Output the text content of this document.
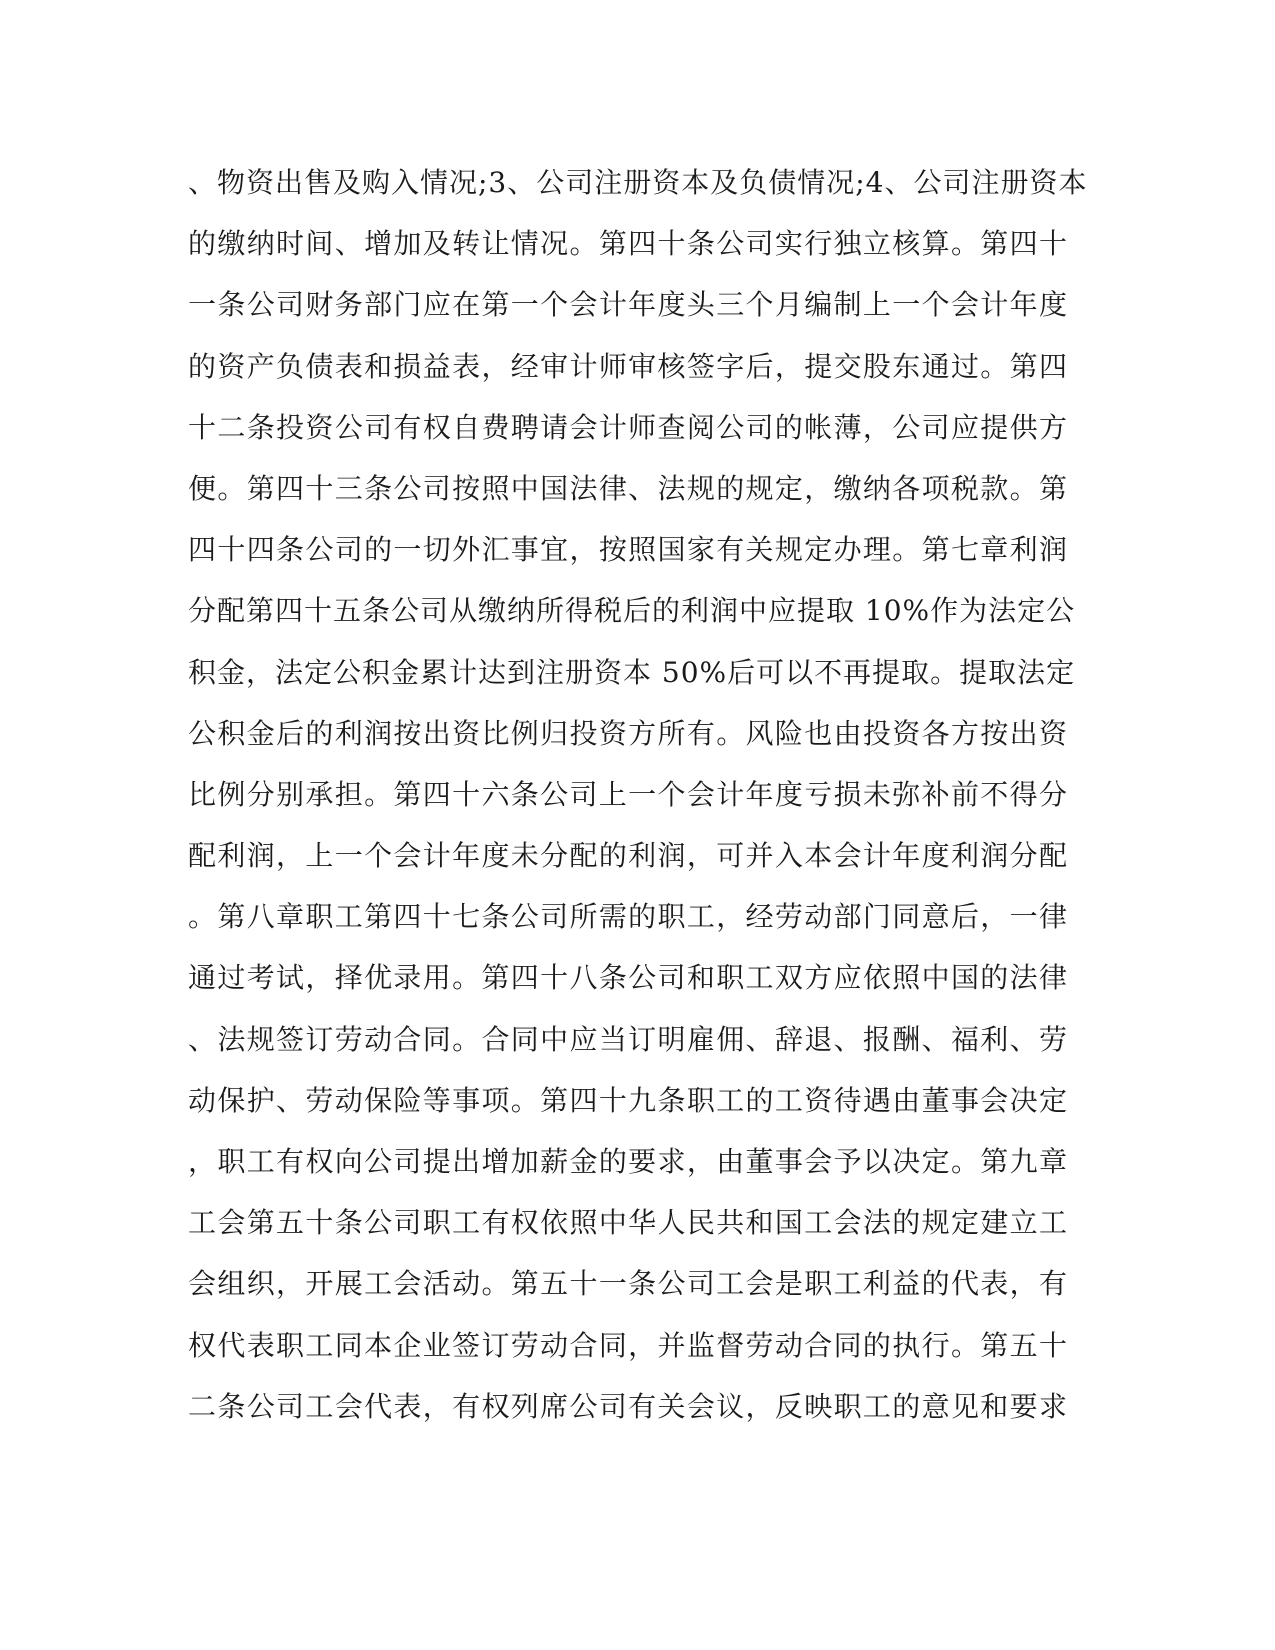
、物资出售及购入情况;3、公司注册资本及负债情况;4、公司注册资本
的缴纳时间、增加及转让情况。第四十条公司实行独立核算。第四十
一条公司财务部门应在第一个会计年度头三个月编制上一个会计年度
的资产负债表和损益表，经审计师审核签字后，提交股东通过。第四
十二条投资公司有权自费聘请会计师查阅公司的帐薄，公司应提供方
便。第四十三条公司按照中国法律、法规的规定，缴纳各项税款。第
四十四条公司的一切外汇事宜，按照国家有关规定办理。第七章利润
分配第四十五条公司从缴纳所得税后的利润中应提取 10%作为法定公
积金，法定公积金累计达到注册资本 50%后可以不再提取。提取法定
公积金后的利润按出资比例归投资方所有。风险也由投资各方按出资
比例分别承担。第四十六条公司上一个会计年度亏损未弥补前不得分
配利润，上一个会计年度未分配的利润，可并入本会计年度利润分配
。第八章职工第四十七条公司所需的职工，经劳动部门同意后，一律
通过考试，择优录用。第四十八条公司和职工双方应依照中国的法律
、法规签订劳动合同。合同中应当订明雇佣、辞退、报酬、福利、劳
动保护、劳动保险等事项。第四十九条职工的工资待遇由董事会决定
，职工有权向公司提出增加薪金的要求，由董事会予以决定。第九章
工会第五十条公司职工有权依照中华人民共和国工会法的规定建立工
会组织，开展工会活动。第五十一条公司工会是职工利益的代表，有
权代表职工同本企业签订劳动合同，并监督劳动合同的执行。第五十
二条公司工会代表，有权列席公司有关会议，反映职工的意见和要求
